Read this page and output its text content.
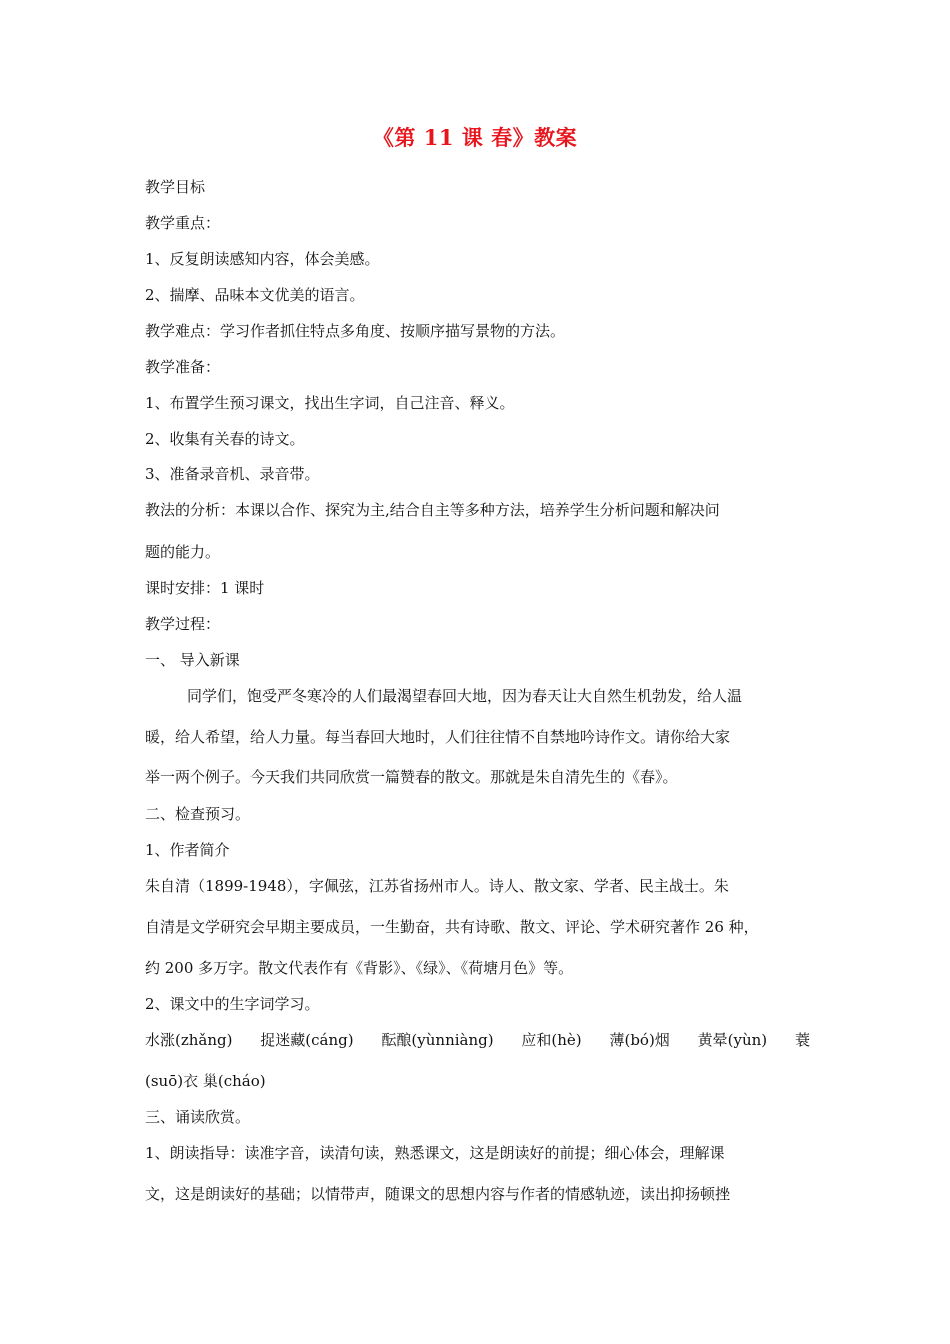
《第 11 课 春》教案
教学目标
教学重点：
1、反复朗读感知内容，体会美感。
2、揣摩、品味本文优美的语言。
教学难点：学习作者抓住特点多角度、按顺序描写景物的方法。
教学准备：
1、布置学生预习课文，找出生字词，自己注音、释义。
2、收集有关春的诗文。
3、准备录音机、录音带。
教法的分析：本课以合作、探究为主,结合自主等多种方法，培养学生分析问题和解决问
题的能力。
课时安排：1 课时
教学过程：
一、 导入新课
同学们，饱受严冬寒冷的人们最渴望春回大地，因为春天让大自然生机勃发，给人温
暖，给人希望，给人力量。每当春回大地时，人们往往情不自禁地吟诗作文。请你给大家
举一两个例子。今天我们共同欣赏一篇赞春的散文。那就是朱自清先生的《春》。
二、检查预习。
1、作者简介
朱自清（1899-1948），字佩弦，江苏省扬州市人。诗人、散文家、学者、民主战士。朱
自清是文学研究会早期主要成员，一生勤奋，共有诗歌、散文、评论、学术研究著作 26 种，
约 200 多万字。散文代表作有《背影》、《绿》、《荷塘月色》等。
2、课文中的生字词学习。
水涨(zhǎng) 捉迷藏(cáng) 酝酿(yùnniàng) 应和(hè) 薄(bó)烟 黄晕(yùn) 蓑
(suō)衣 巢(cháo)
三、诵读欣赏。
1、朗读指导：读准字音，读清句读，熟悉课文，这是朗读好的前提；细心体会，理解课
文，这是朗读好的基础；以情带声，随课文的思想内容与作者的情感轨迹，读出抑扬顿挫
